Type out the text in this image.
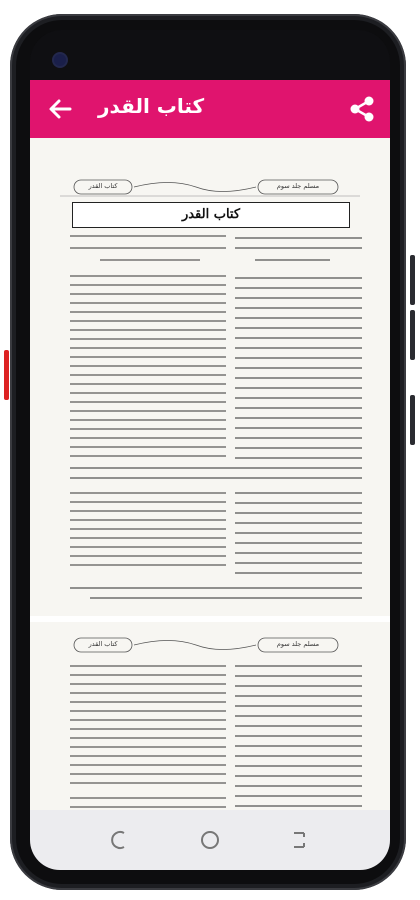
كتاب القدر
كتاب القدر	مسلم جلد سوم
كتاب القدر
كتاب القدر	مسلم جلد سوم
